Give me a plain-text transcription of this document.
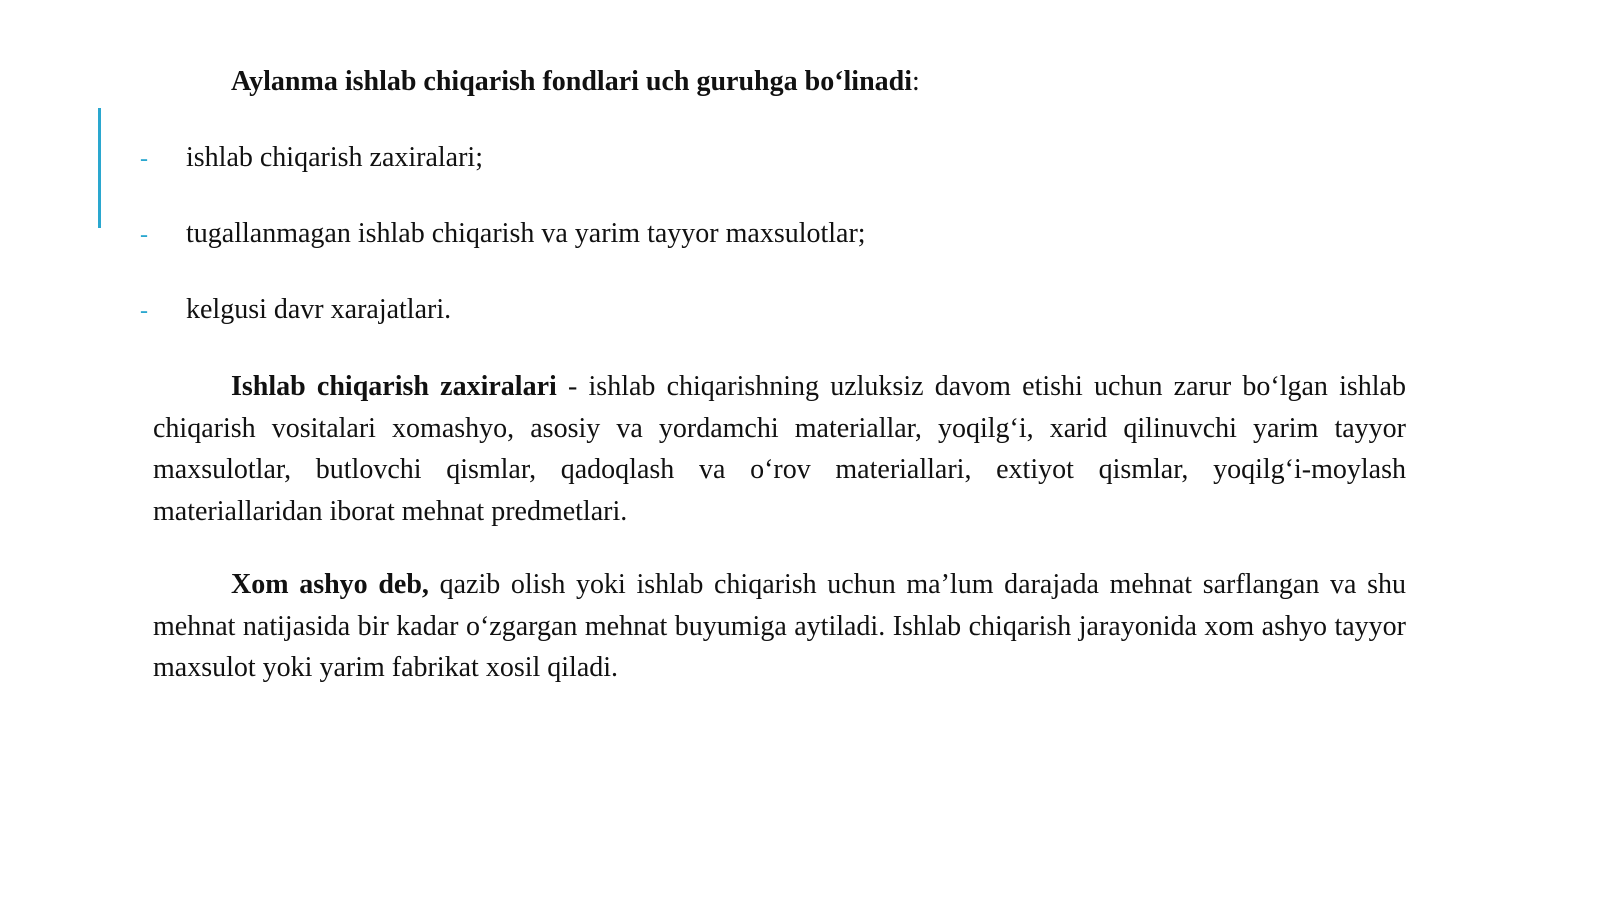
Aylanma ishlab chiqarish fondlari uch guruhga bo‘linadi:
- ishlab chiqarish zaxiralari;
- tugallanmagan ishlab chiqarish va yarim tayyor maxsulotlar;
- kelgusi davr xarajatlari.
Ishlab chiqarish zaxiralari - ishlab chiqarishning uzluksiz davom etishi uchun zarur bo‘lgan ishlab chiqarish vositalari xomashyo, asosiy va yordamchi materiallar, yoqilg‘i, xarid qilinuvchi yarim tayyor maxsulotlar, butlovchi qismlar, qadoqlash va o‘rov materiallari, extiyot qismlar, yoqilg‘i-moylash materiallaridan iborat mehnat predmetlari.
Xom ashyo deb, qazib olish yoki ishlab chiqarish uchun ma’lum darajada mehnat sarflangan va shu mehnat natijasida bir kadar o‘zgargan mehnat buyumiga aytiladi. Ishlab chiqarish jarayonida xom ashyo tayyor maxsulot yoki yarim fabrikat xosil qiladi.
